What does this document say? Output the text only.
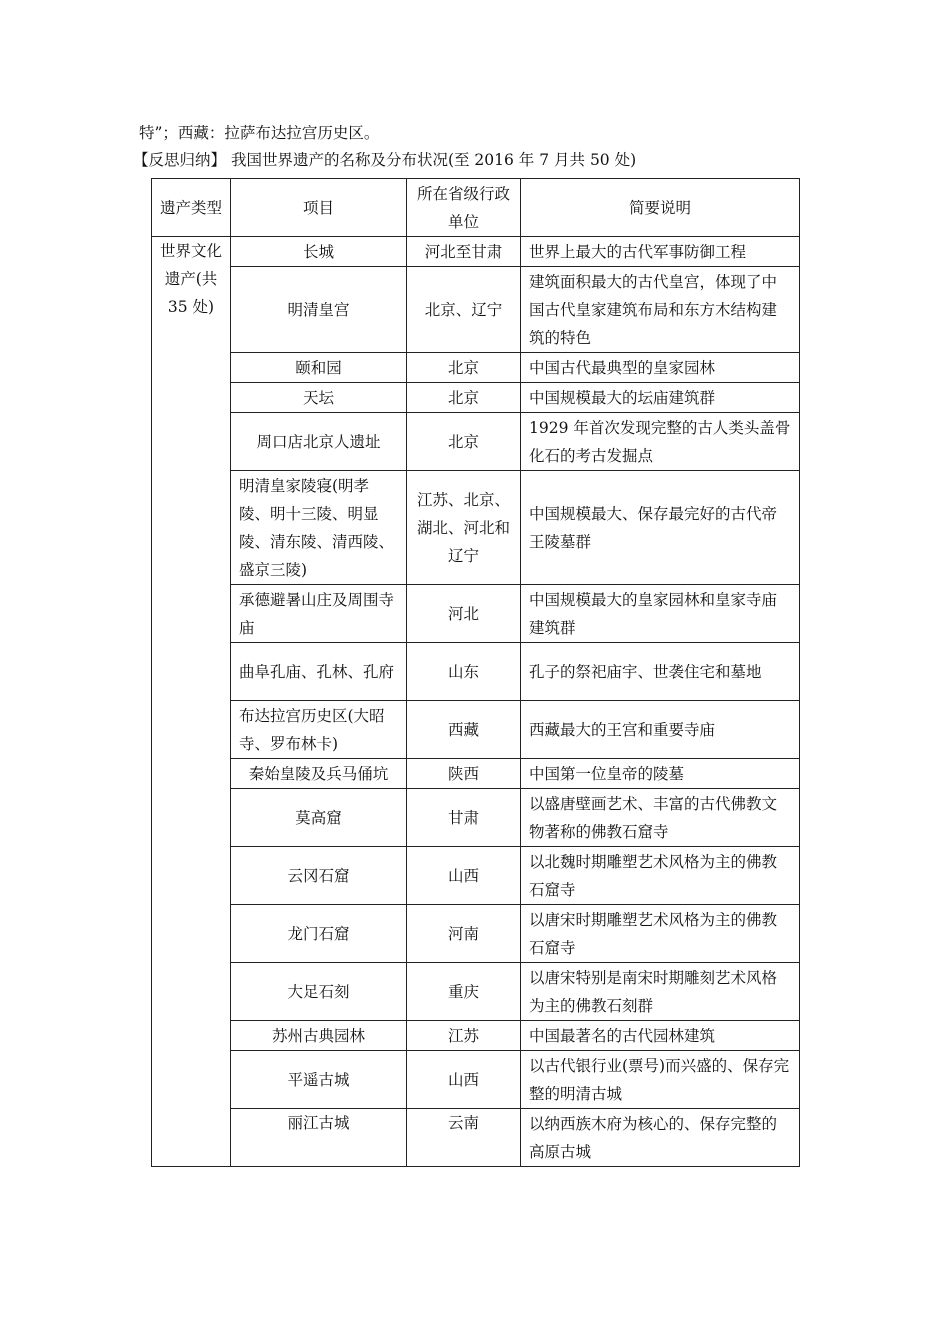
特”；西藏：拉萨布达拉宫历史区。
【反思归纳】 我国世界遗产的名称及分布状况(至 2016 年 7 月共 50 处)
遗产类型	项目	所在省级行政单位	简要说明
世界文化遗产(共 35 处)	长城	河北至甘肃	世界上最大的古代军事防御工程
	明清皇宫	北京、辽宁	建筑面积最大的古代皇宫，体现了中国古代皇家建筑布局和东方木结构建筑的特色
	颐和园	北京	中国古代最典型的皇家园林
	天坛	北京	中国规模最大的坛庙建筑群
	周口店北京人遗址	北京	1929 年首次发现完整的古人类头盖骨化石的考古发掘点
	明清皇家陵寝(明孝陵、明十三陵、明显陵、清东陵、清西陵、盛京三陵)	江苏、北京、湖北、河北和辽宁	中国规模最大、保存最完好的古代帝王陵墓群
	承德避暑山庄及周围寺庙	河北	中国规模最大的皇家园林和皇家寺庙建筑群
	曲阜孔庙、孔林、孔府	山东	孔子的祭祀庙宇、世袭住宅和墓地
	布达拉宫历史区(大昭寺、罗布林卡)	西藏	西藏最大的王宫和重要寺庙
	秦始皇陵及兵马俑坑	陕西	中国第一位皇帝的陵墓
	莫高窟	甘肃	以盛唐壁画艺术、丰富的古代佛教文物著称的佛教石窟寺
	云冈石窟	山西	以北魏时期雕塑艺术风格为主的佛教石窟寺
	龙门石窟	河南	以唐宋时期雕塑艺术风格为主的佛教石窟寺
	大足石刻	重庆	以唐宋特别是南宋时期雕刻艺术风格为主的佛教石刻群
	苏州古典园林	江苏	中国最著名的古代园林建筑
	平遥古城	山西	以古代银行业(票号)而兴盛的、保存完整的明清古城
	丽江古城	云南	以纳西族木府为核心的、保存完整的高原古城
